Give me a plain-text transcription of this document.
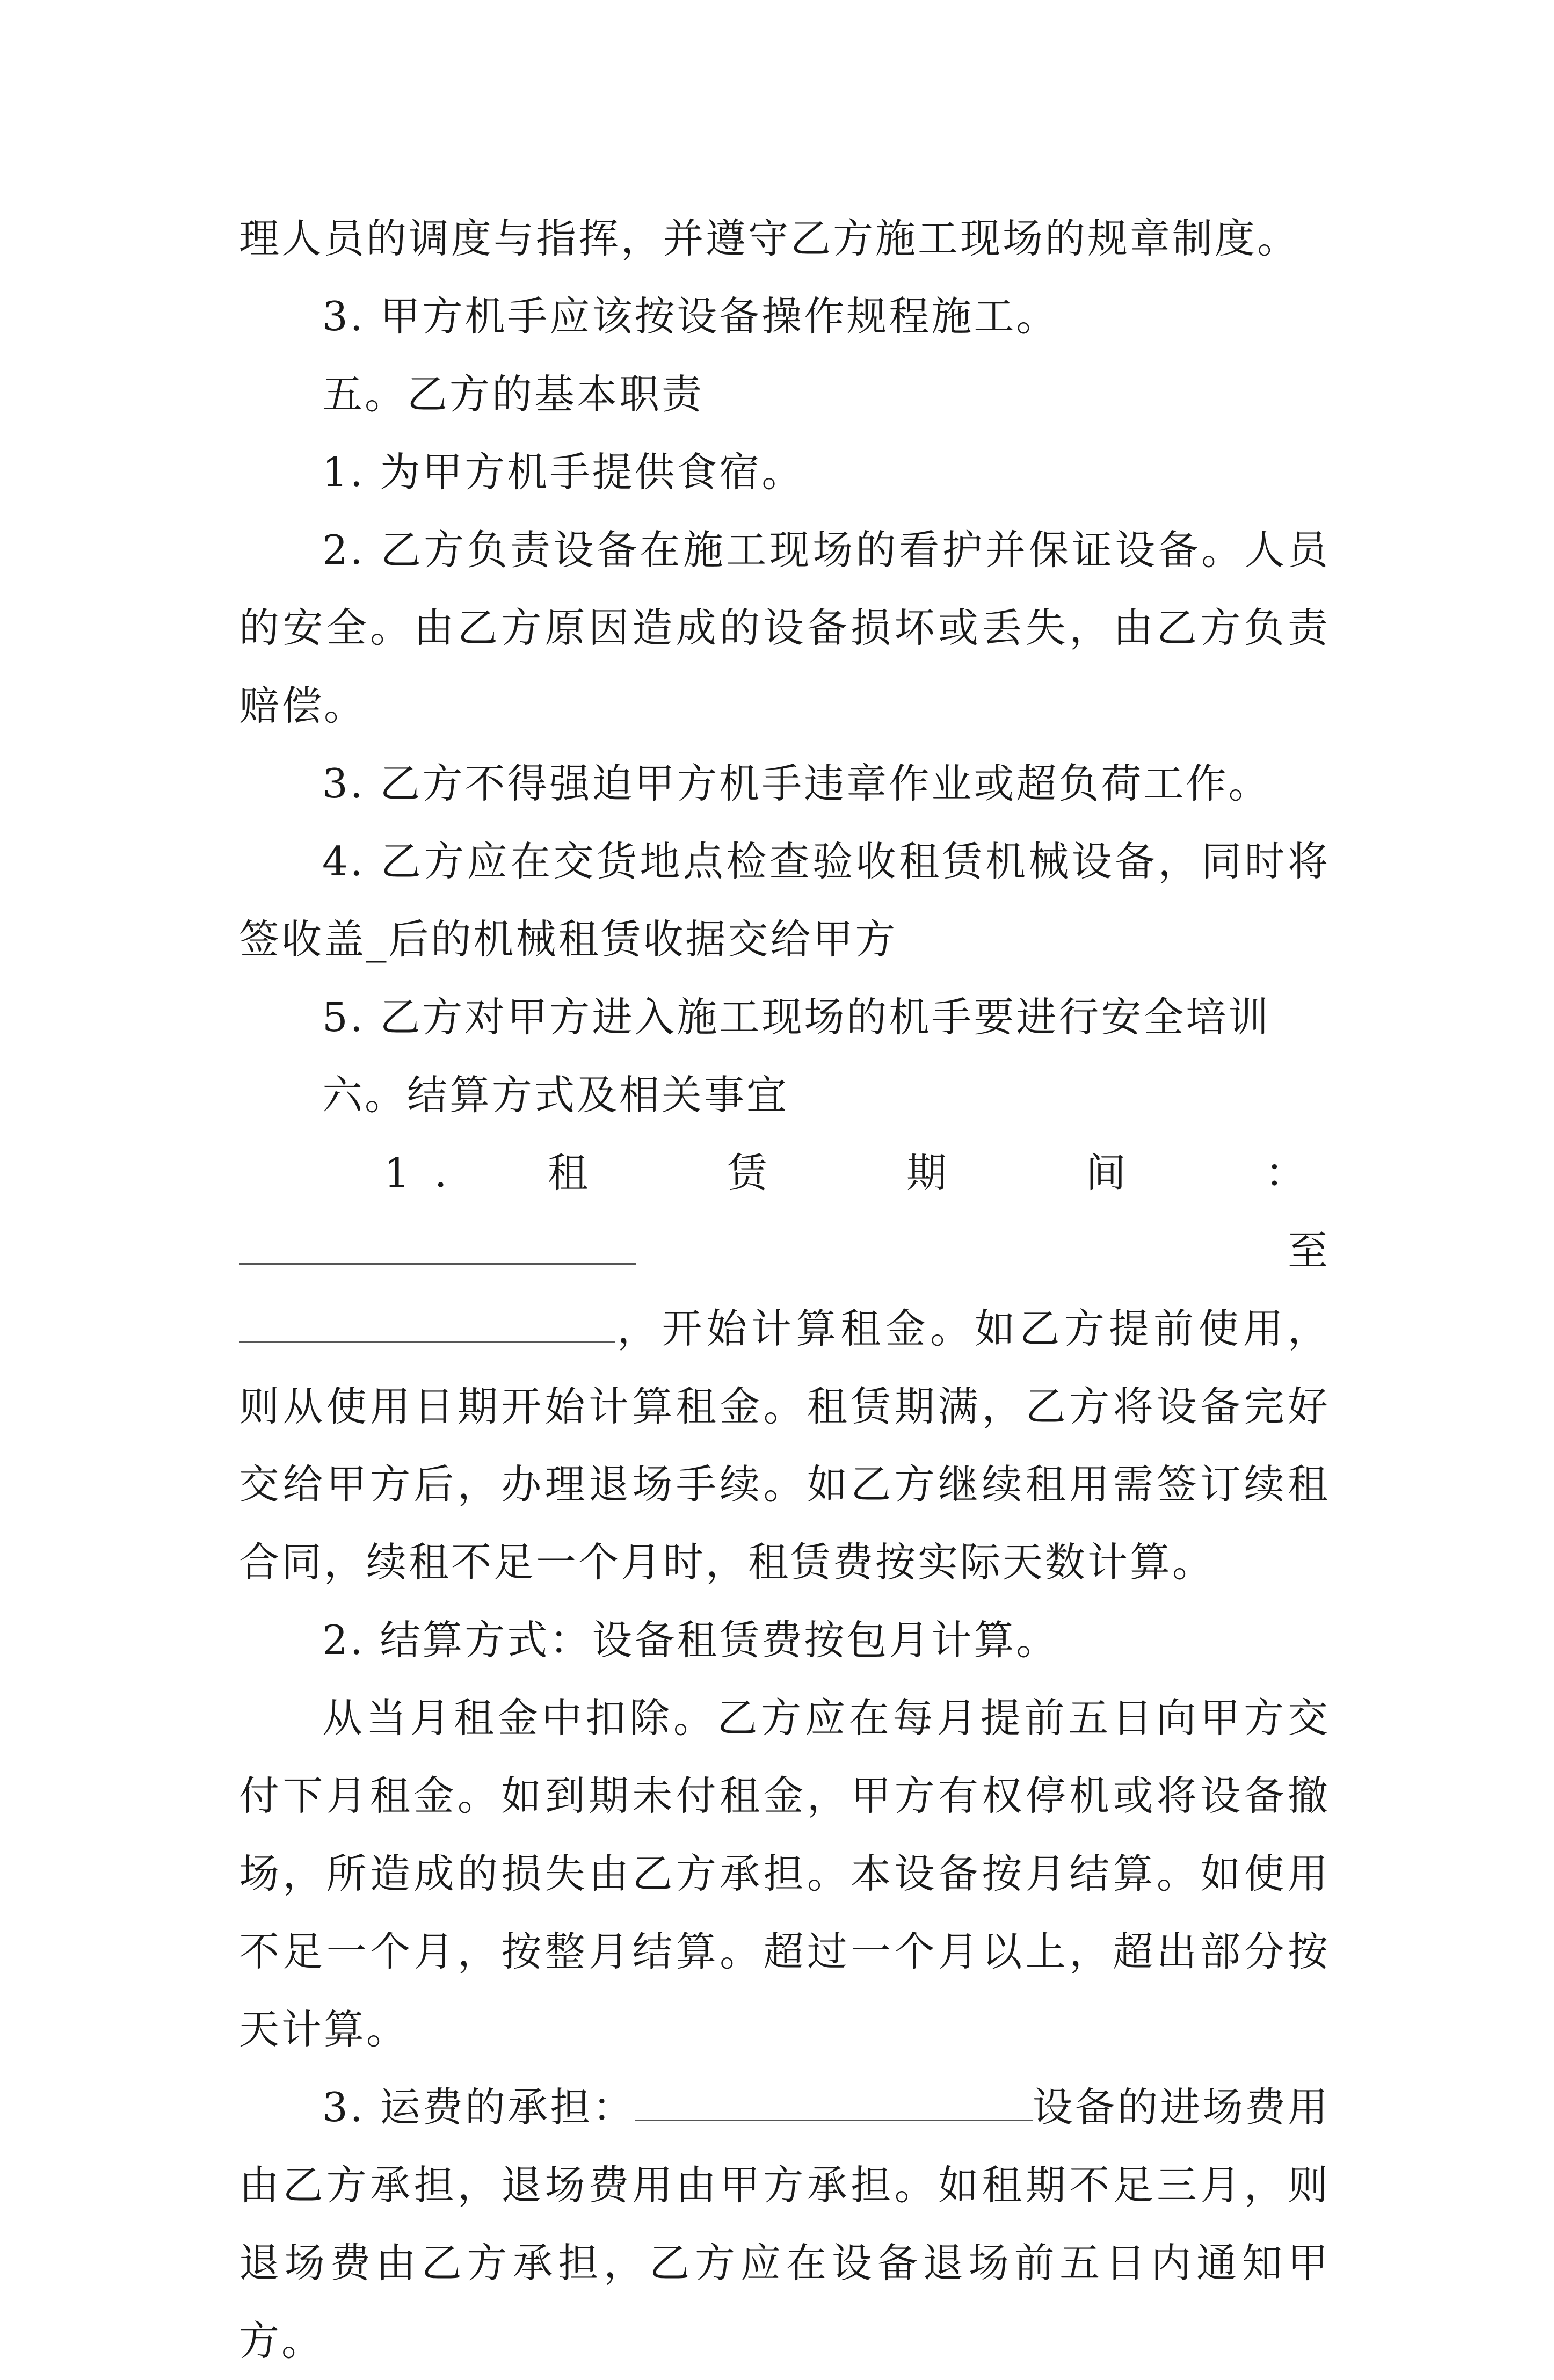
理人员的调度与指挥，并遵守乙方施工现场的规章制度。

3. 甲方机手应该按设备操作规程施工。

五。乙方的基本职责

1. 为甲方机手提供食宿。

2. 乙方负责设备在施工现场的看护并保证设备。人员的安全。由乙方原因造成的设备损坏或丢失，由乙方负责赔偿。

3. 乙方不得强迫甲方机手违章作业或超负荷工作。

4. 乙方应在交货地点检查验收租赁机械设备，同时将签收盖_后的机械租赁收据交给甲方

5. 乙方对甲方进入施工现场的机手要进行安全培训

六。结算方式及相关事宜

1. 租 赁 期 间 ：至

，开始计算租金。如乙方提前使用，则从使用日期开始计算租金。租赁期满，乙方将设备完好交给甲方后，办理退场手续。如乙方继续租用需签订续租合同，续租不足一个月时，租赁费按实际天数计算。

2. 结算方式：设备租赁费按包月计算。

从当月租金中扣除。乙方应在每月提前五日向甲方交付下月租金。如到期未付租金，甲方有权停机或将设备撤场，所造成的损失由乙方承担。本设备按月结算。如使用不足一个月，按整月结算。超过一个月以上，超出部分按天计算。

3. 运费的承担：	设备的进场费用由乙方承担，退场费用由甲方承担。如租期不足三月，则退场费由乙方承担，乙方应在设备退场前五日内通知甲方。
